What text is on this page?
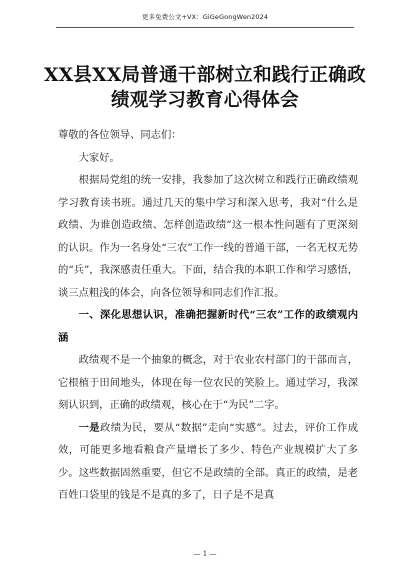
更多免费公文+VX：GiGeGongWen2024
XX县XX局普通干部树立和践行正确政
绩观学习教育心得体会

尊敬的各位领导、同志们：

大家好。

根据局党组的统一安排，我参加了这次树立和践行正确政绩观学习教育读书班。通过几天的集中学习和深入思考，我对“什么是政绩、为谁创造政绩、怎样创造政绩”这一根本性问题有了更深刻的认识。作为一名身处“三农”工作一线的普通干部，一名无权无势的“兵”，我深感责任重大。下面，结合我的本职工作和学习感悟，谈三点粗浅的体会，向各位领导和同志们作汇报。

一、深化思想认识，准确把握新时代“三农”工作的政绩观内涵

政绩观不是一个抽象的概念，对于农业农村部门的干部而言，它根植于田间地头，体现在每一位农民的笑脸上。通过学习，我深刻认识到，正确的政绩观，核心在于“为民”二字。

一是政绩为民，要从“数据”走向“实感”。过去，评价工作成效，可能更多地看粮食产量增长了多少、特色产业规模扩大了多少。这些数据固然重要，但它不是政绩的全部。真正的政绩，是老百姓口袋里的钱是不是真的多了，日子是不是真

— 1 —
